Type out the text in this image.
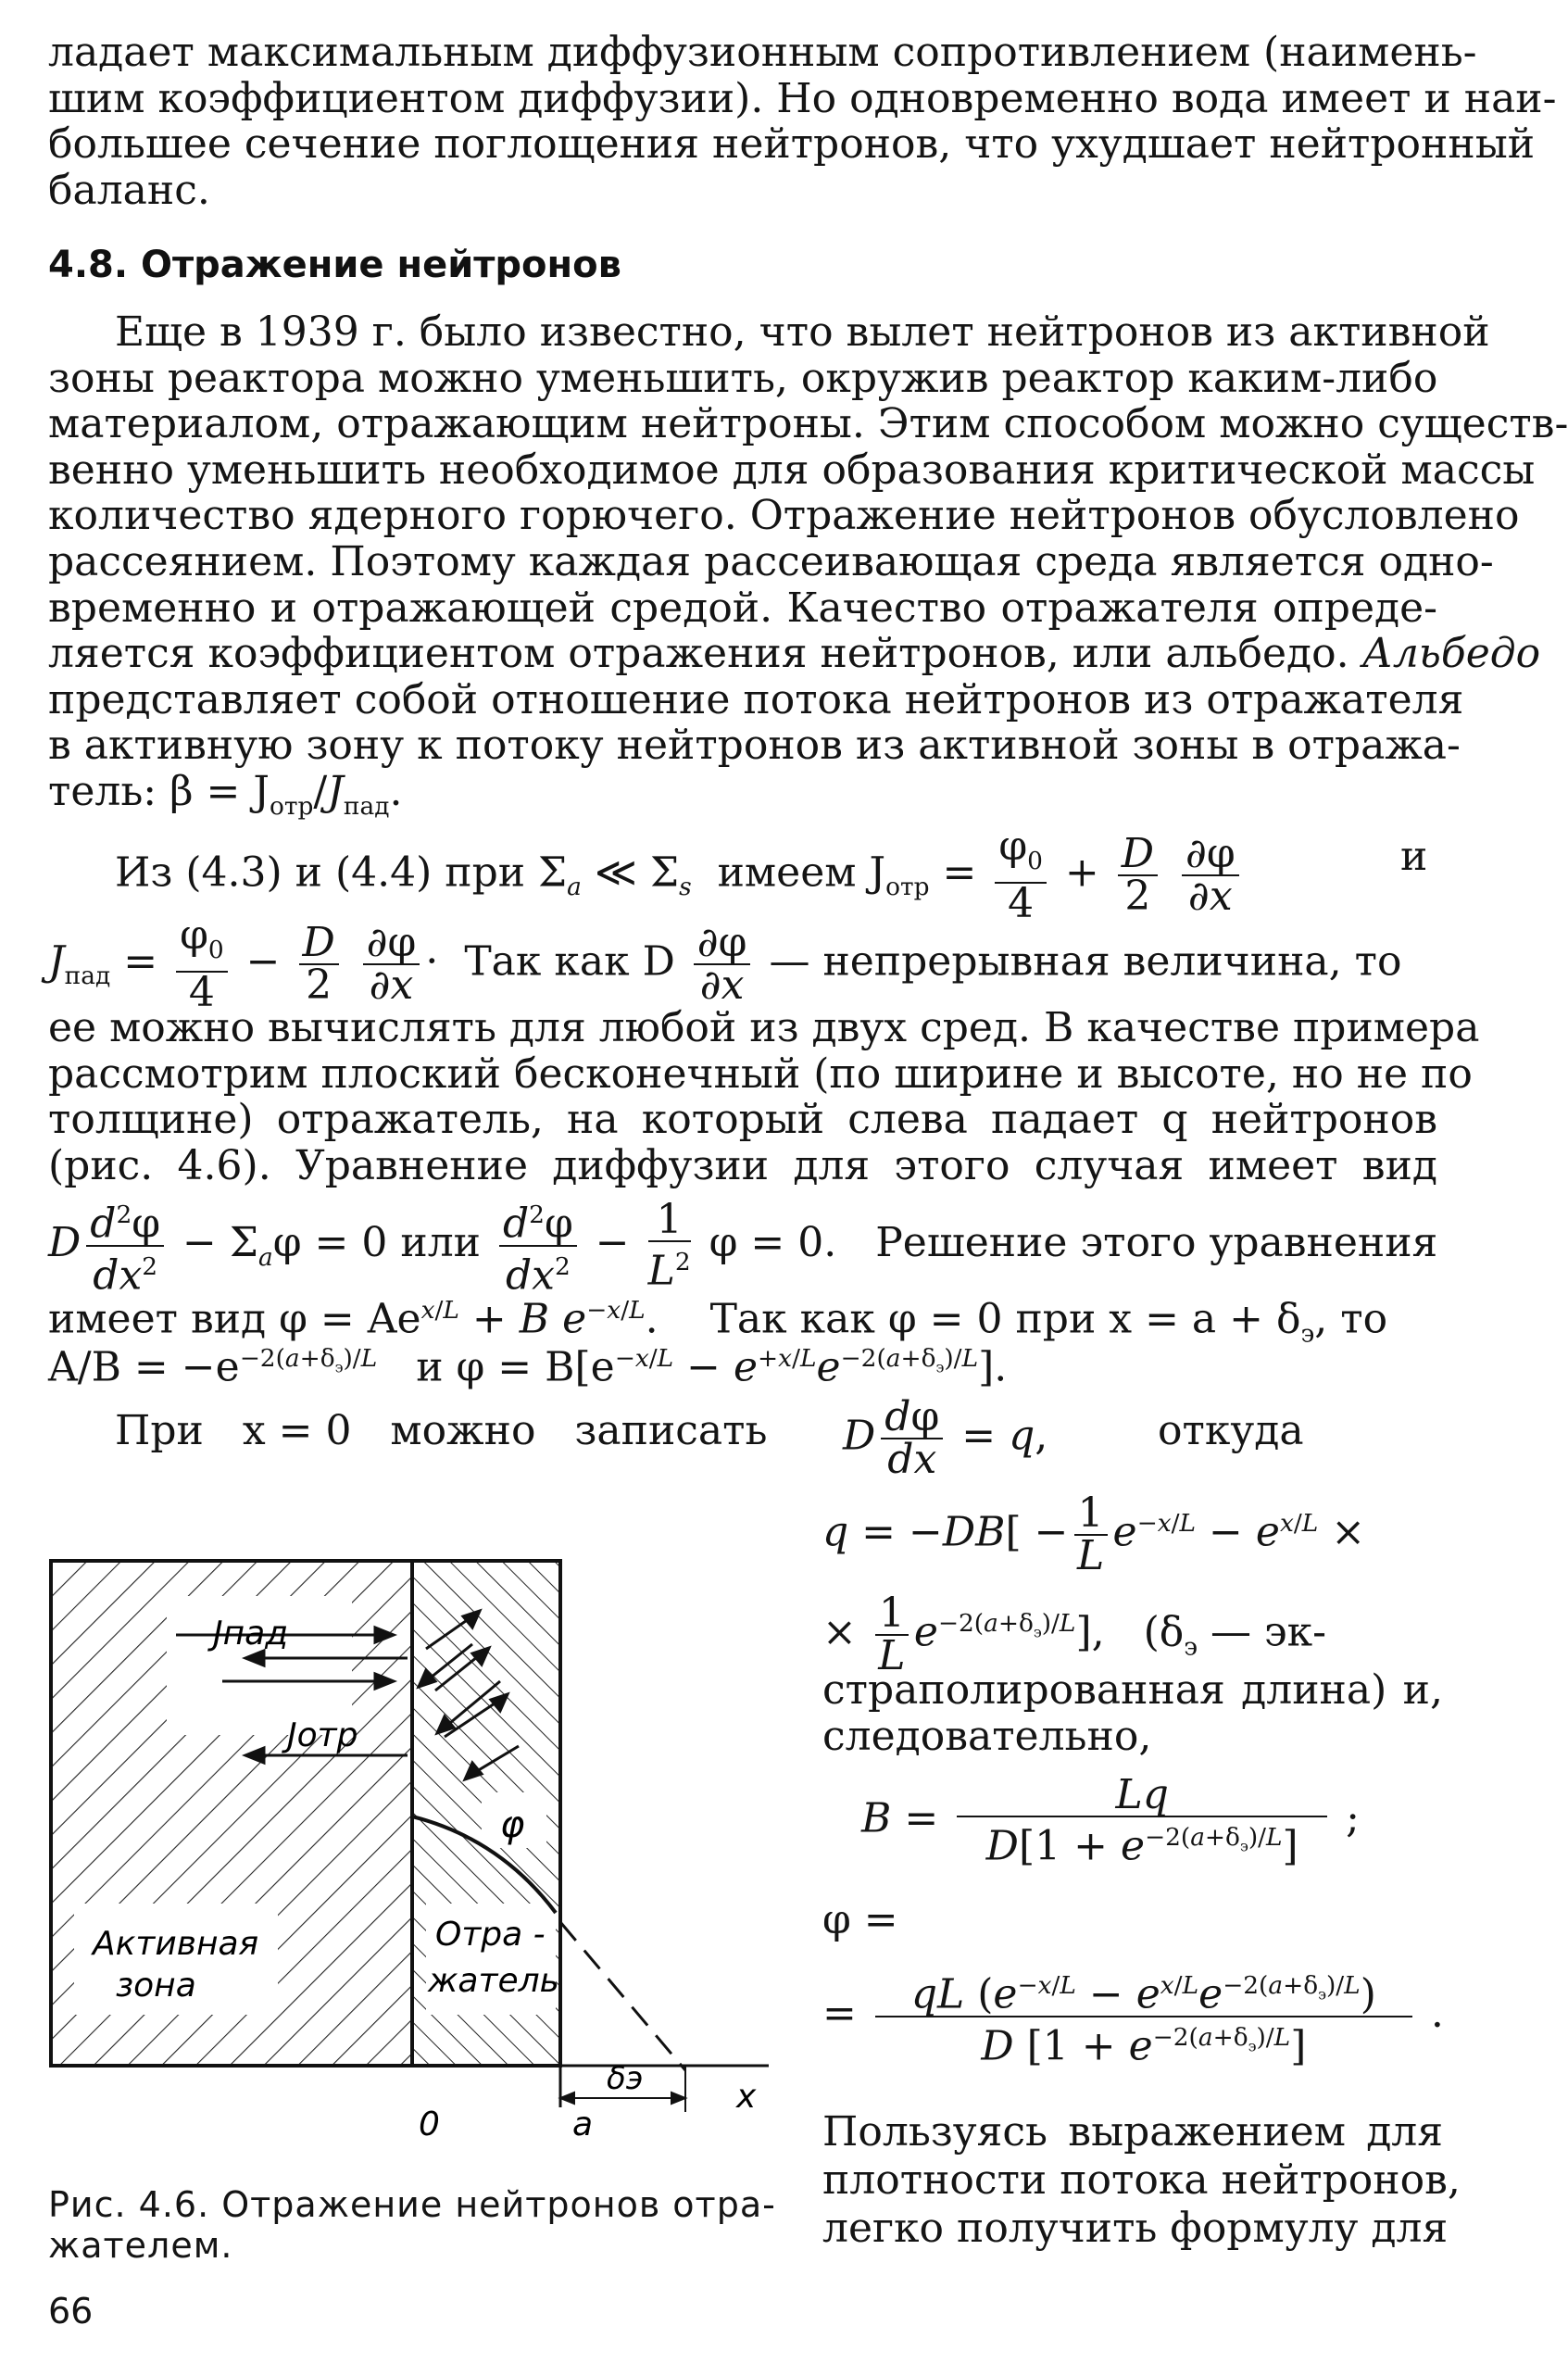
ладает максимальным диффузионным сопротивлением (наимень-
шим коэффициентом диффузии). Но одновременно вода имеет и наи-
большее сечение поглощения нейтронов, что ухудшает нейтронный
баланс.

4.8. Отражение нейтронов

Еще в 1939 г. было известно, что вылет нейтронов из активной
зоны реактора можно уменьшить, окружив реактор каким-либо
материалом, отражающим нейтроны. Этим способом можно существ-
венно уменьшить необходимое для образования критической массы
количество ядерного горючего. Отражение нейтронов обусловлено
рассеянием. Поэтому каждая рассеивающая среда является одно-
временно и отражающей средой. Качество отражателя опреде-
ляется коэффициентом отражения нейтронов, или альбедо. Альбедо
представляет собой отношение потока нейтронов из отражателя
в активную зону к потоку нейтронов из активной зоны в отража-
тель: $\beta = J_{отр}/J_{пад}$.

Из (4.3) и (4.4) при $\Sigma_a$ ≪ $\Sigma_s$ имеем $J_{отр} = \frac{\varphi_0}{4} + \frac{D}{2}$
$\frac{\partial\varphi}{\partial x}$	и
$J_{пад} = \frac{\varphi_0}{4} - \frac{D}{2}$
$\frac{\partial\varphi}{\partial x}$ ·  Так как D $\frac{\partial\varphi}{\partial x}$ — непрерывная величина, то

ее можно вычислять для любой из двух сред. В качестве примера
рассмотрим плоский бесконечный (по ширине и высоте, но не по
толщине) отражатель, на который слева падает q нейтронов
(рис. 4.6). Уравнение диффузии для этого случая имеет вид

D $\frac{d^2\varphi}{dx^2} - \Sigma_a\varphi = 0$ или $\frac{d^2\varphi}{dx^2} - \frac{1}{L^2}$ φ = 0.   Решение этого уравнения
имеет вид $\varphi = Ae^{x/L} + B$ $e^{-x/L}$.    Так как φ = 0 при $x = a + \delta_э$, то
$A/B = -e^{-2(a+\delta_э)/L}$ и $\varphi = B[e^{-x/L} - e^{+x/L}e^{-2(a+\delta_э)/L}]$.
При   x = 0   можно   записать D $\frac{d\varphi}{dx} = q$,	откуда
$q = -DB[ - \frac{1}{L} e^{-x/L} - e^{x/L}$ ×
× $\frac{1}{L} e^{-2(a+\delta_э)/L}$],   ($\delta_э$ — эк-
страполированная длина) и,
следовательно,
$B = \frac{Lq}{D[1 + e^{-2(a+\delta_э)/L}]}$ ;
φ =
= $\frac{qL (e^{-x/L} - e^{x/L}e^{-2(a+\delta_э)/L})}{D [1 + e^{-2(a+\delta_э)/L}]}$ .
Пользуясь выражением для
плотности потока нейтронов,
легко получить формулу для
Jпад
Jотр
φ
Активная
зона
Отра -
жатель
0	a
δэ	x
Рис. 4.6. Отражение нейтронов отра-
жателем.
66
